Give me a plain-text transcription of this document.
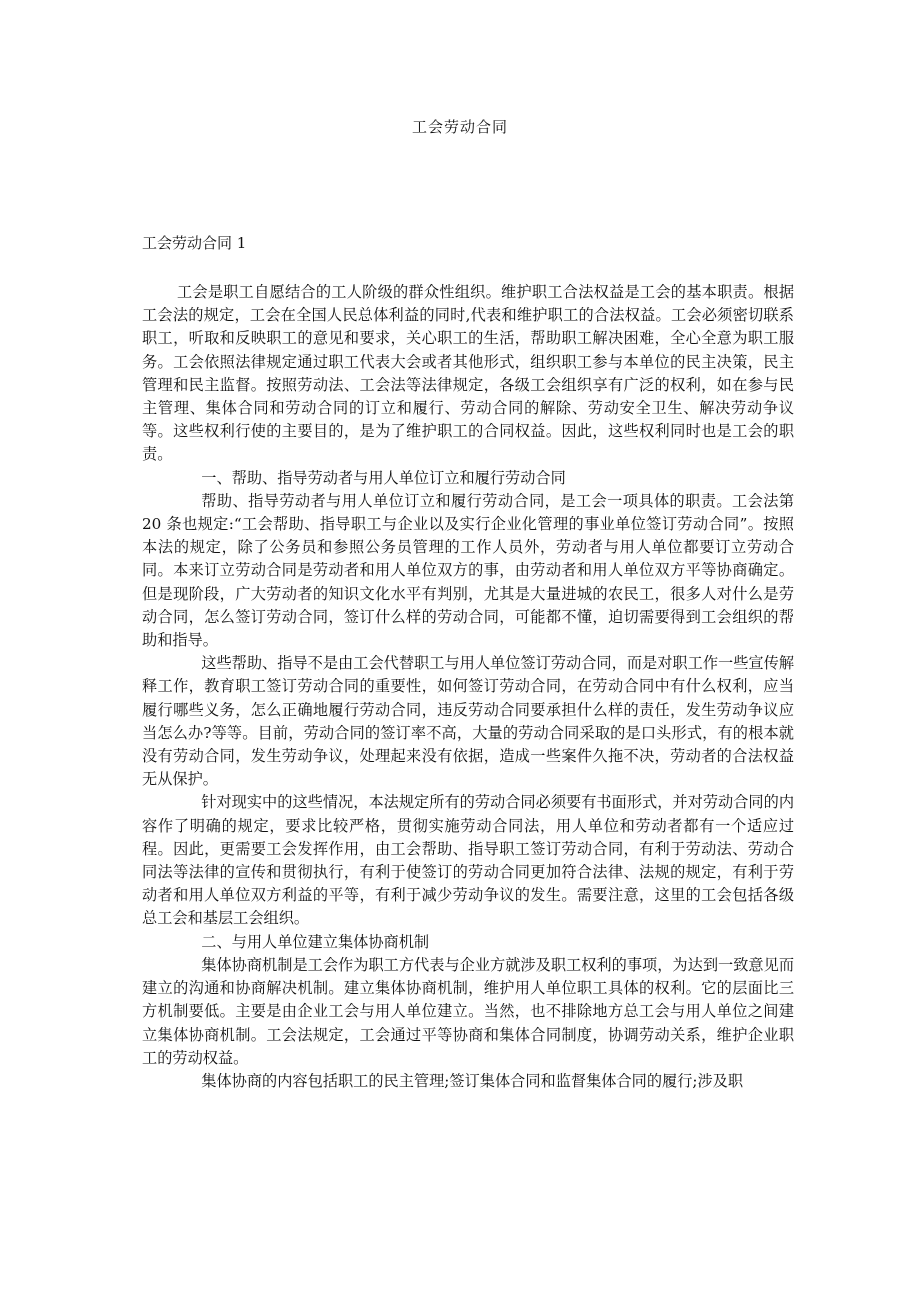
工会劳动合同
工会劳动合同 1

工会是职工自愿结合的工人阶级的群众性组织。维护职工合法权益是工会的基本职责。根据工会法的规定，工会在全国人民总体利益的同时,代表和维护职工的合法权益。工会必须密切联系职工，听取和反映职工的意见和要求，关心职工的生活，帮助职工解决困难，全心全意为职工服务。工会依照法律规定通过职工代表大会或者其他形式，组织职工参与本单位的民主决策，民主管理和民主监督。按照劳动法、工会法等法律规定，各级工会组织享有广泛的权利，如在参与民主管理、集体合同和劳动合同的订立和履行、劳动合同的解除、劳动安全卫生、解决劳动争议等。这些权利行使的主要目的，是为了维护职工的合同权益。因此，这些权利同时也是工会的职责。

一、帮助、指导劳动者与用人单位订立和履行劳动合同

帮助、指导劳动者与用人单位订立和履行劳动合同，是工会一项具体的职责。工会法第 20 条也规定:“工会帮助、指导职工与企业以及实行企业化管理的事业单位签订劳动合同”。按照本法的规定，除了公务员和参照公务员管理的工作人员外，劳动者与用人单位都要订立劳动合同。本来订立劳动合同是劳动者和用人单位双方的事，由劳动者和用人单位双方平等协商确定。但是现阶段，广大劳动者的知识文化水平有判别，尤其是大量进城的农民工，很多人对什么是劳动合同，怎么签订劳动合同，签订什么样的劳动合同，可能都不懂，迫切需要得到工会组织的帮助和指导。

这些帮助、指导不是由工会代替职工与用人单位签订劳动合同，而是对职工作一些宣传解释工作，教育职工签订劳动合同的重要性，如何签订劳动合同，在劳动合同中有什么权利，应当履行哪些义务，怎么正确地履行劳动合同，违反劳动合同要承担什么样的责任，发生劳动争议应当怎么办?等等。目前，劳动合同的签订率不高，大量的劳动合同采取的是口头形式，有的根本就没有劳动合同，发生劳动争议，处理起来没有依据，造成一些案件久拖不决，劳动者的合法权益无从保护。

针对现实中的这些情况，本法规定所有的劳动合同必须要有书面形式，并对劳动合同的内容作了明确的规定，要求比较严格，贯彻实施劳动合同法，用人单位和劳动者都有一个适应过程。因此，更需要工会发挥作用，由工会帮助、指导职工签订劳动合同，有利于劳动法、劳动合同法等法律的宣传和贯彻执行，有利于使签订的劳动合同更加符合法律、法规的规定，有利于劳动者和用人单位双方利益的平等，有利于减少劳动争议的发生。需要注意，这里的工会包括各级总工会和基层工会组织。

二、与用人单位建立集体协商机制

集体协商机制是工会作为职工方代表与企业方就涉及职工权利的事项，为达到一致意见而建立的沟通和协商解决机制。建立集体协商机制，维护用人单位职工具体的权利。它的层面比三方机制要低。主要是由企业工会与用人单位建立。当然，也不排除地方总工会与用人单位之间建立集体协商机制。工会法规定，工会通过平等协商和集体合同制度，协调劳动关系，维护企业职工的劳动权益。

集体协商的内容包括职工的民主管理;签订集体合同和监督集体合同的履行;涉及职
